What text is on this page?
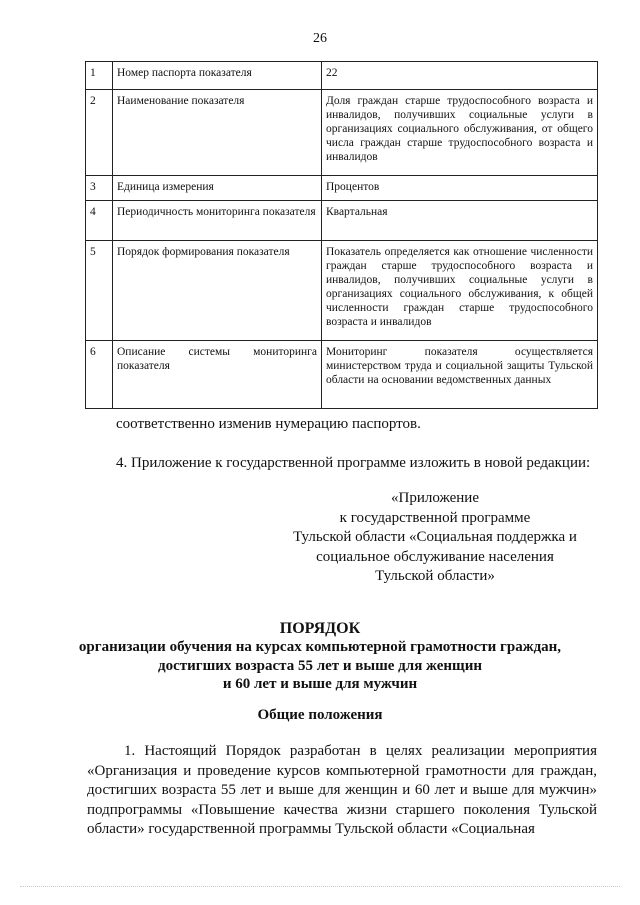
26
1	Номер паспорта показателя	22
2	Наименование показателя	Доля граждан старше трудоспособного возраста и инвалидов, получивших социальные услуги в организациях социального обслуживания, от общего числа граждан старше трудоспособного возраста и инвалидов
3	Единица измерения	Процентов
4	Периодичность мониторинга показателя	Квартальная
5	Порядок формирования показателя	Показатель определяется как отношение численности граждан старше трудоспособного возраста и инвалидов, получивших социальные услуги в организациях социального обслуживания, к общей численности граждан старше трудоспособного возраста и инвалидов
6	Описание системы мониторинга показателя	Мониторинг показателя осуществляется министерством труда и социальной защиты Тульской области на основании ведомственных данных
соответственно изменив нумерацию паспортов.
4. Приложение к государственной программе изложить в новой редакции:
«Приложение
к государственной программе
Тульской области «Социальная поддержка и
социальное обслуживание населения
Тульской области»
ПОРЯДОК
организации обучения на курсах компьютерной грамотности граждан,
достигших возраста 55 лет и выше для женщин
и 60 лет и выше для мужчин
Общие положения
1. Настоящий Порядок разработан в целях реализации мероприятия «Организация и проведение курсов компьютерной грамотности для граждан, достигших возраста 55 лет и выше для женщин и 60 лет и выше для мужчин» подпрограммы «Повышение качества жизни старшего поколения Тульской области» государственной программы Тульской области «Социальная
